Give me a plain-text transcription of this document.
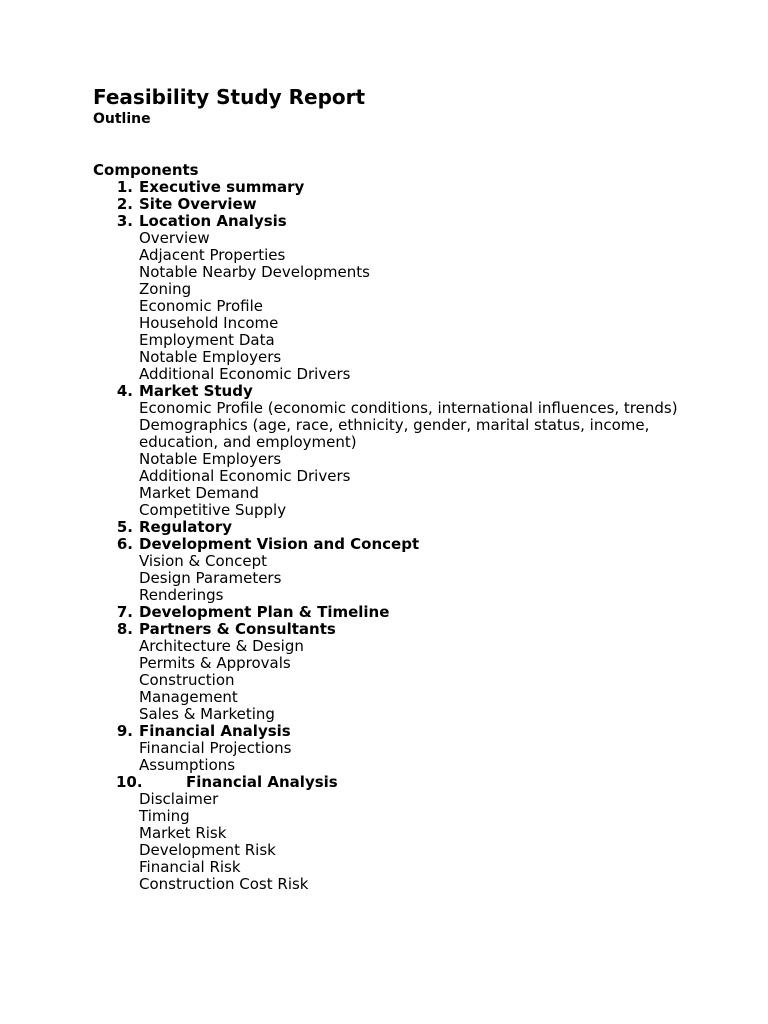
Feasibility Study Report
Outline
Components
1. Executive summary
2. Site Overview
3. Location Analysis
Overview
Adjacent Properties
Notable Nearby Developments
Zoning
Economic Profile
Household Income
Employment Data
Notable Employers
Additional Economic Drivers
4. Market Study
Economic Profile (economic conditions, international influences, trends)
Demographics (age, race, ethnicity, gender, marital status, income, education, and employment)
Notable Employers
Additional Economic Drivers
Market Demand
Competitive Supply
5. Regulatory
6. Development Vision and Concept
Vision & Concept
Design Parameters
Renderings
7. Development Plan & Timeline
8. Partners & Consultants
Architecture & Design
Permits & Approvals
Construction
Management
Sales & Marketing
9. Financial Analysis
Financial Projections
Assumptions
10.	Financial Analysis
Disclaimer
Timing
Market Risk
Development Risk
Financial Risk
Construction Cost Risk
